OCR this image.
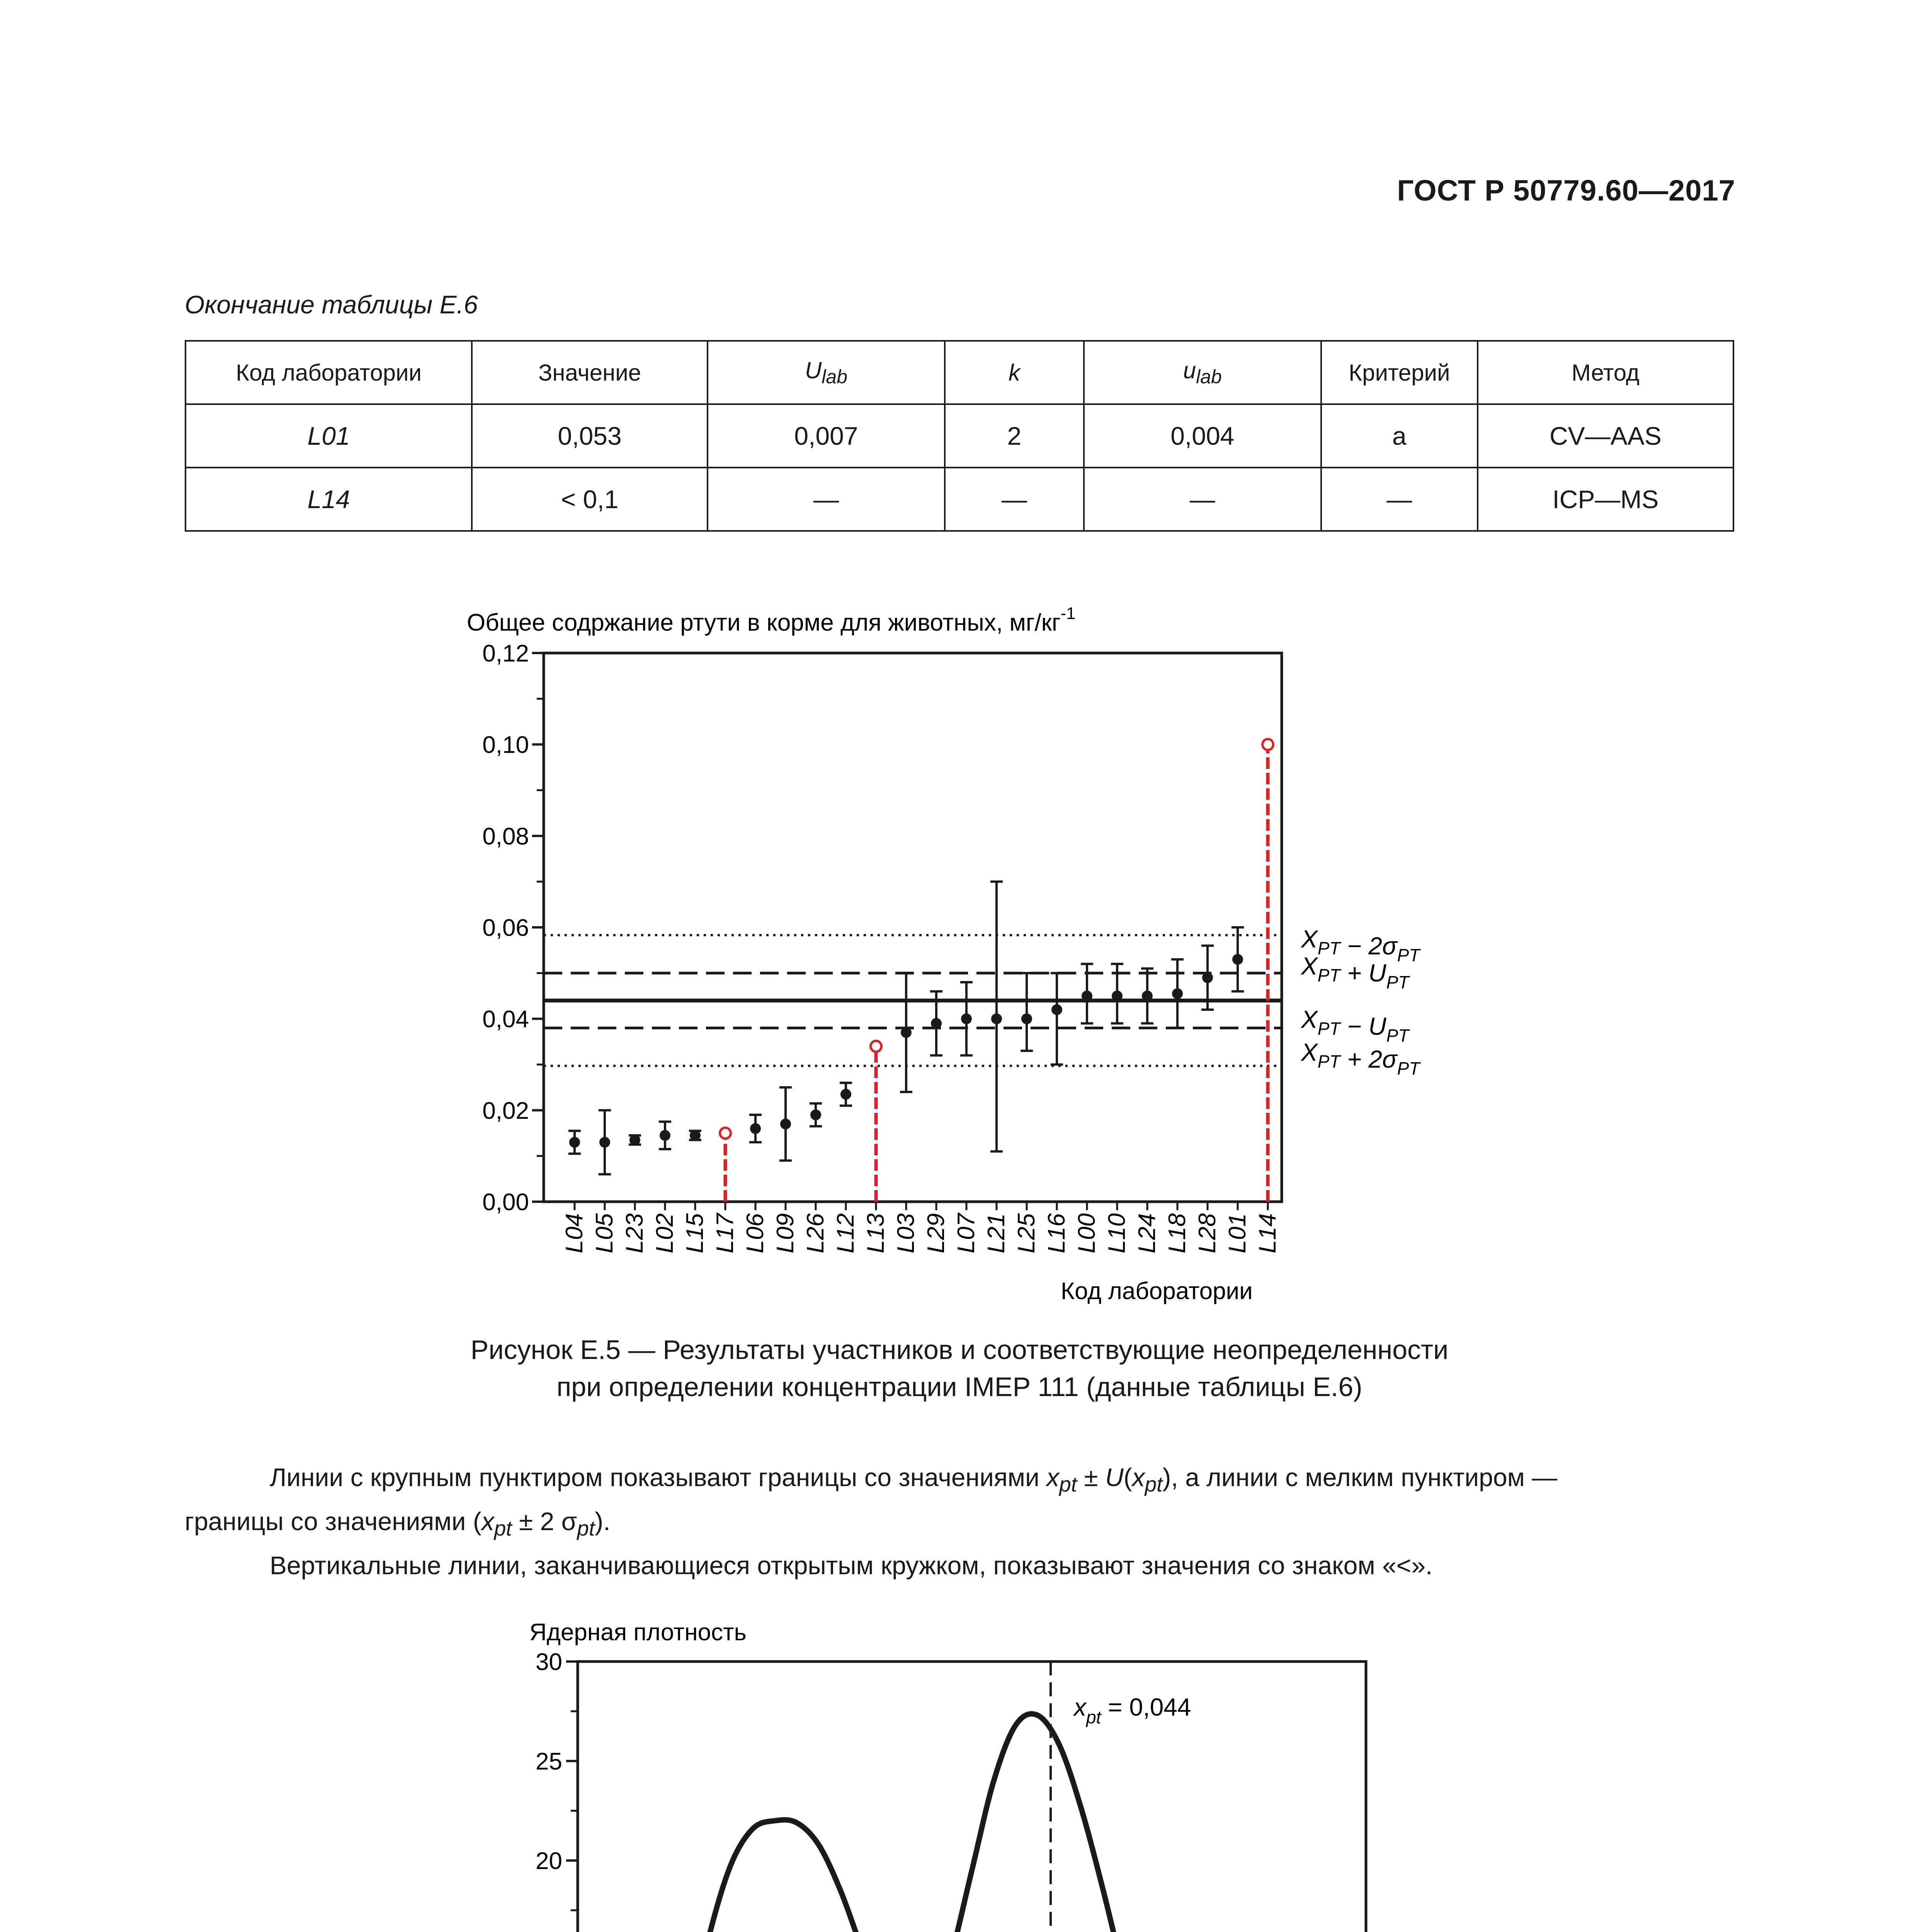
ГОСТ Р 50779.60—2017
Окончание таблицы Е.6
Код лаборатории	Значение	$U_{lab}$	k	$u_{lab}$	Критерий	Метод
L01	0,053	0,007	2	0,004	a	CV—AAS
L14	< 0,1	—	—	—	—	ICP—MS
Общее содржание ртути в корме для животных, $мг/кг^{-1}$
0,00
0,02
0,04
0,06
0,08
0,10
0,12
$X_{PT} - 2\sigma_{PT}$
$X_{PT} + U_{PT}$
$X_{PT} - U_{PT}$
$X_{PT} + 2\sigma_{PT}$
L04 L05 L23 L02 L15 L17 L06 L09 L26 L12 L13 L03 L29 L07 L21 L25 L16 L00 L10 L24 L18 L28 L01 L14
Код лаборатории
Рисунок Е.5 — Результаты участников и соответствующие неопределенности
при определении концентрации IMEP 111 (данные таблицы Е.6)

Линии с крупным пунктиром показывают границы со значениями $x_{pt} \pm U(x_{pt})$, а линии с мелким пунктиром —

границы со значениями ($x_{pt} \pm 2$ $\sigma_{pt}$).

Вертикальные линии, заканчивающиеся открытым кружком, показывают значения со знаком «<».

Ядерная плотность
20
25
30
$x_{pt} = 0,044$
